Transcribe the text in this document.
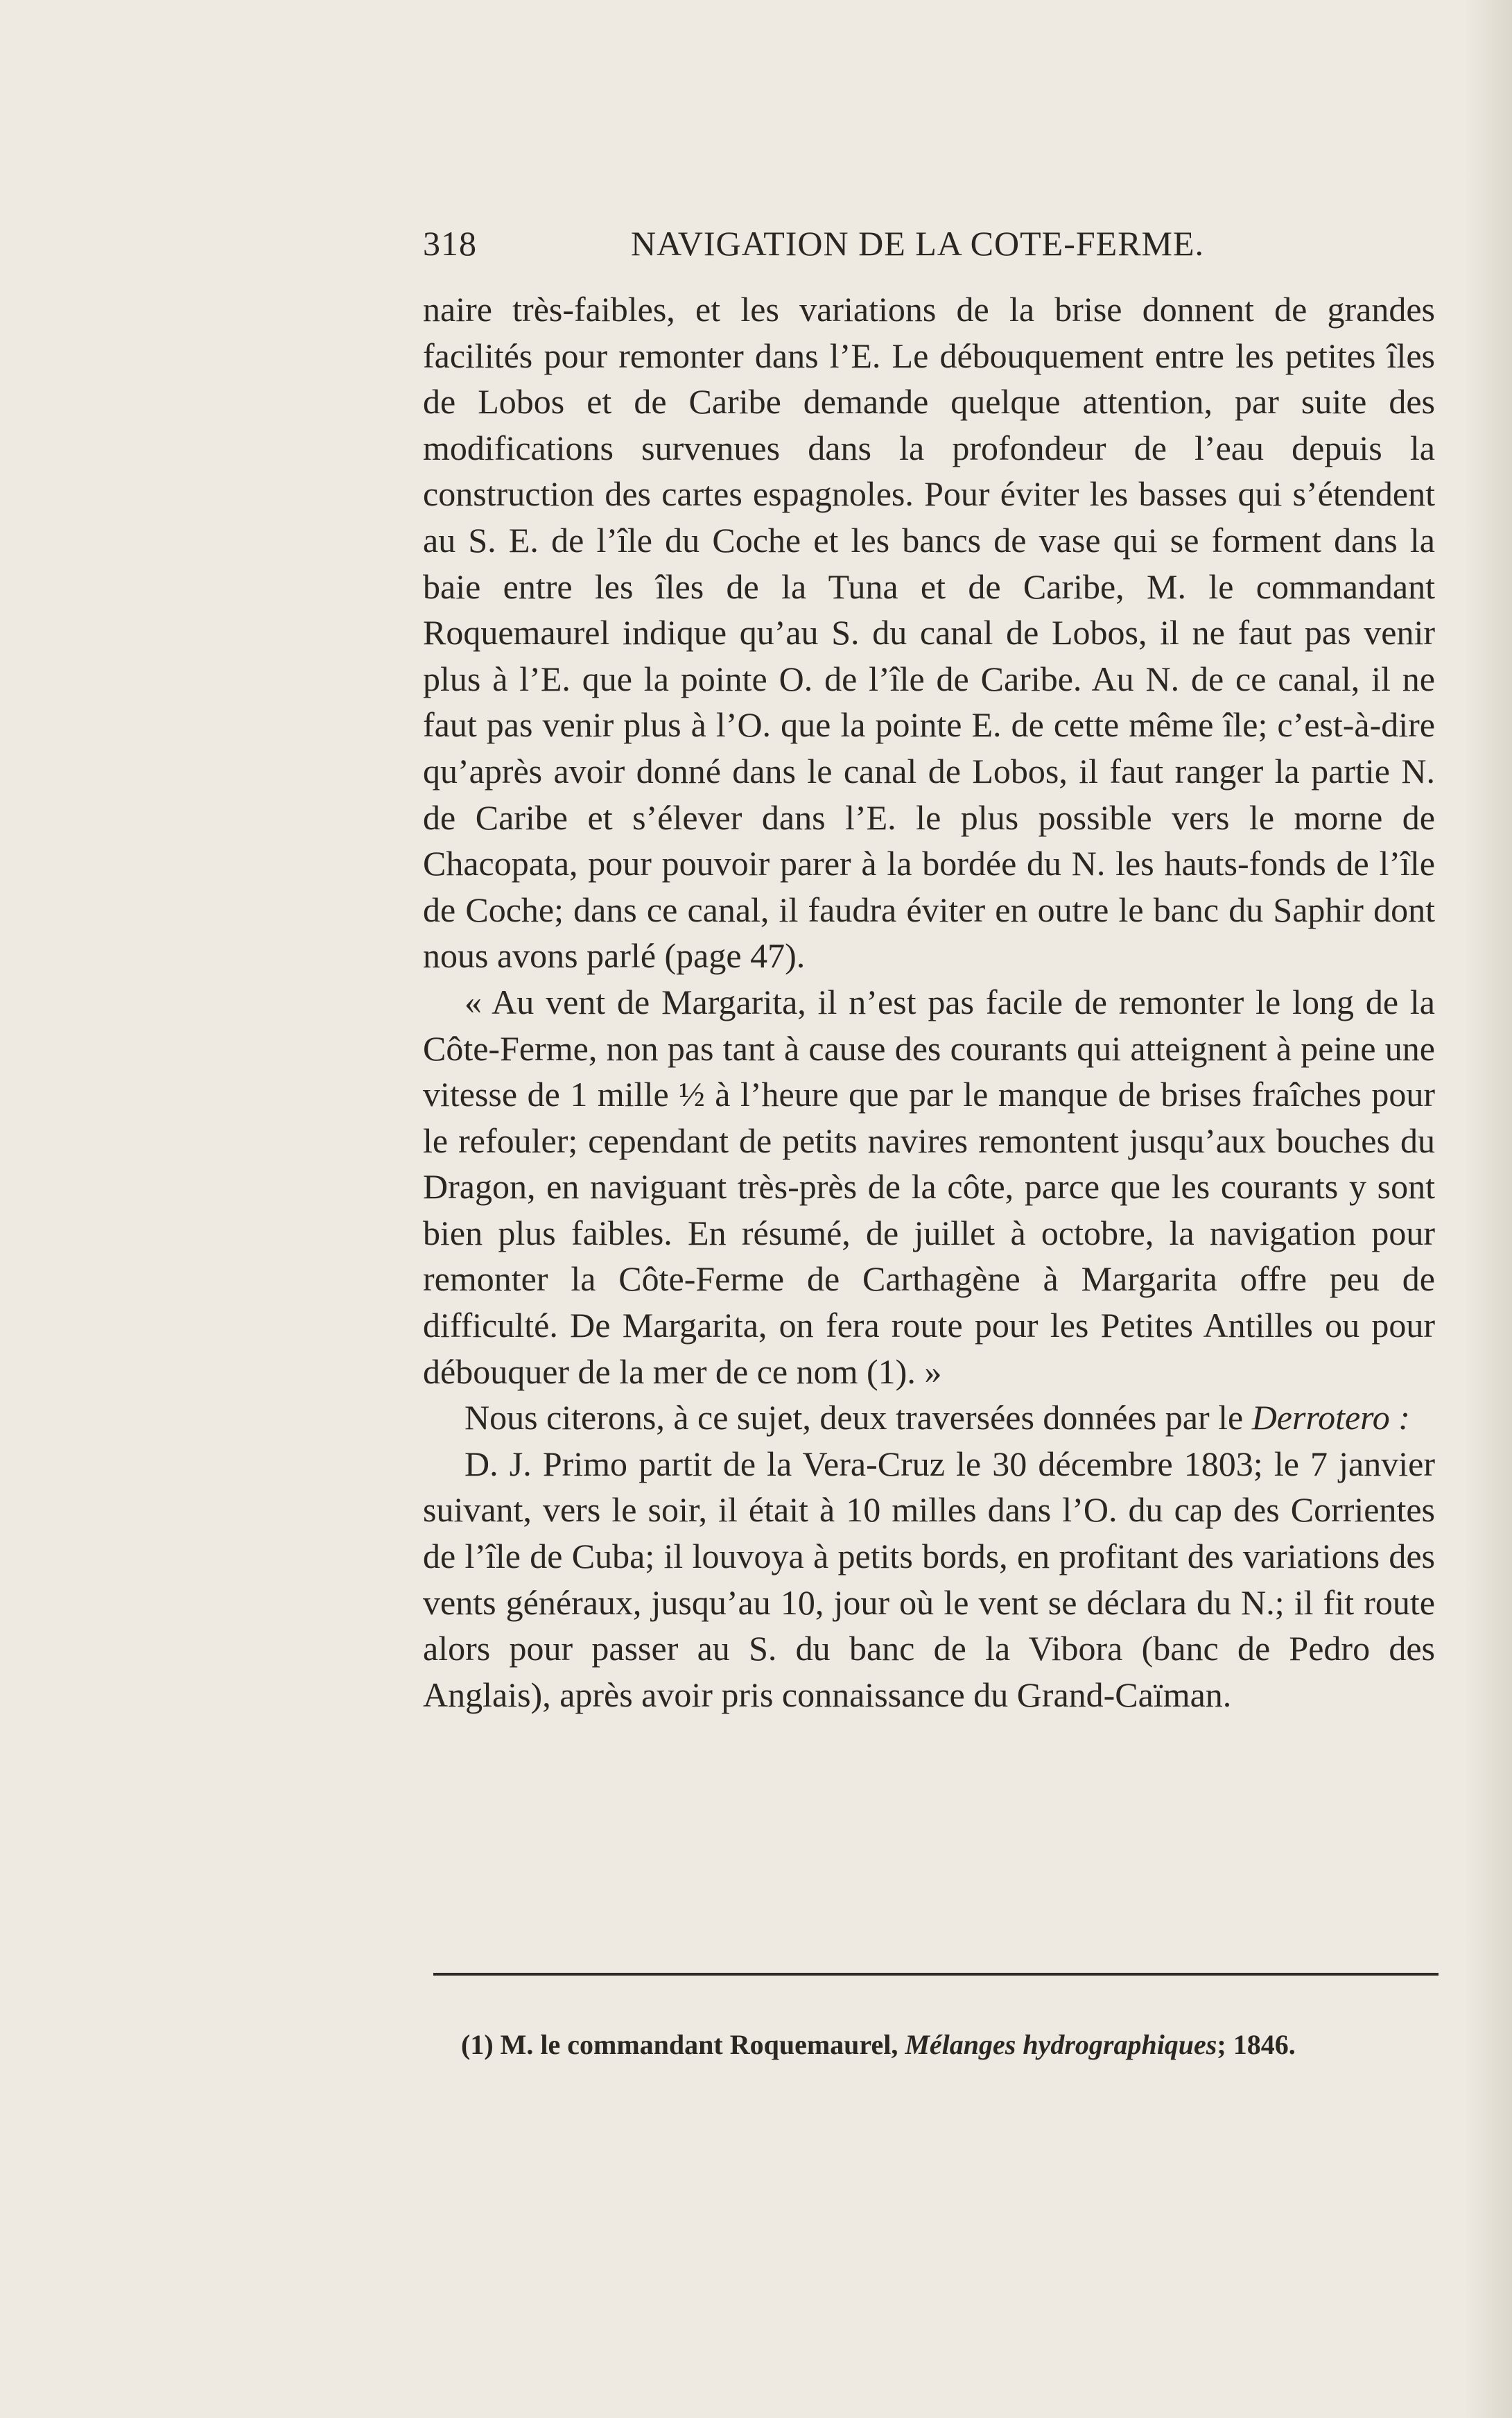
318	NAVIGATION DE LA COTE-FERME.

naire très-faibles, et les variations de la brise donnent de grandes facilités pour remonter dans l’E. Le débouquement entre les petites îles de Lobos et de Caribe demande quelque attention, par suite des modifications survenues dans la profondeur de l’eau depuis la construction des cartes espagnoles. Pour éviter les basses qui s’étendent au S. E. de l’île du Coche et les bancs de vase qui se forment dans la baie entre les îles de la Tuna et de Caribe, M. le commandant Roquemaurel indique qu’au S. du canal de Lobos, il ne faut pas venir plus à l’E. que la pointe O. de l’île de Caribe. Au N. de ce canal, il ne faut pas venir plus à l’O. que la pointe E. de cette même île; c’est-à-dire qu’après avoir donné dans le canal de Lobos, il faut ranger la partie N. de Caribe et s’élever dans l’E. le plus possible vers le morne de Chacopata, pour pouvoir parer à la bordée du N. les hauts-fonds de l’île de Coche; dans ce canal, il faudra éviter en outre le banc du Saphir dont nous avons parlé (page 47).

« Au vent de Margarita, il n’est pas facile de remonter le long de la Côte-Ferme, non pas tant à cause des courants qui atteignent à peine une vitesse de 1 mille ½ à l’heure que par le manque de brises fraîches pour le refouler; cependant de petits navires remontent jusqu’aux bouches du Dragon, en naviguant très-près de la côte, parce que les courants y sont bien plus faibles. En résumé, de juillet à octobre, la navigation pour remonter la Côte-Ferme de Carthagène à Margarita offre peu de difficulté. De Margarita, on fera route pour les Petites Antilles ou pour débouquer de la mer de ce nom (1). »

Nous citerons, à ce sujet, deux traversées données par le Derrotero :

D. J. Primo partit de la Vera-Cruz le 30 décembre 1803; le 7 janvier suivant, vers le soir, il était à 10 milles dans l’O. du cap des Corrientes de l’île de Cuba; il louvoya à petits bords, en profitant des variations des vents généraux, jusqu’au 10, jour où le vent se déclara du N.; il fit route alors pour passer au S. du banc de la Vibora (banc de Pedro des Anglais), après avoir pris connaissance du Grand-Caïman.

(1) M. le commandant Roquemaurel, Mélanges hydrographiques; 1846.
